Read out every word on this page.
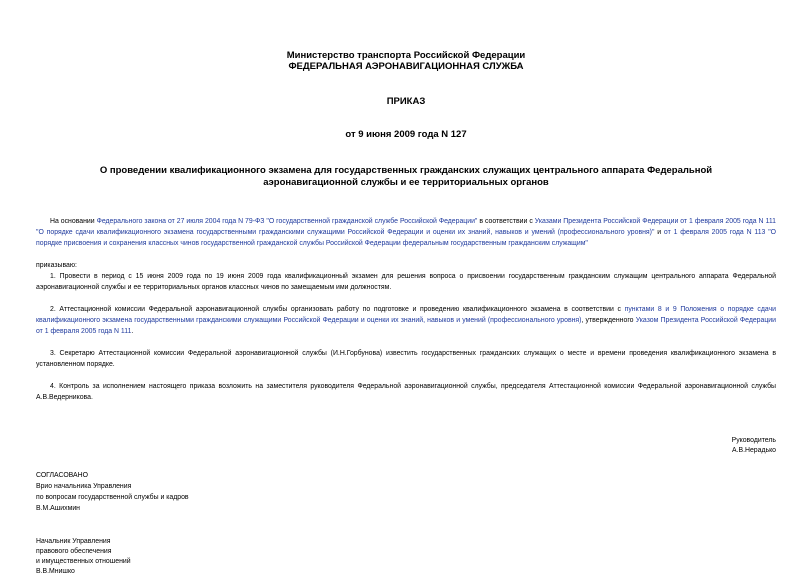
Министерство транспорта Российской Федерации
ФЕДЕРАЛЬНАЯ АЭРОНАВИГАЦИОННАЯ СЛУЖБА
ПРИКАЗ
от 9 июня 2009 года N 127
О проведении квалификационного экзамена для государственных гражданских служащих центрального аппарата Федеральной аэронавигационной службы и ее территориальных органов

На основании Федерального закона от 27 июля 2004 года N 79-ФЗ "О государственной гражданской службе Российской Федерации" в соответствии с Указами Президента Российской Федерации от 1 февраля 2005 года N 111 "О порядке сдачи квалификационного экзамена государственными гражданскими служащими Российской Федерации и оценки их знаний, навыков и умений (профессионального уровня)" и от 1 февраля 2005 года N 113 "О порядке присвоения и сохранения классных чинов государственной гражданской службы Российской Федерации федеральным государственным гражданским служащим"

приказываю:

1. Провести в период с 15 июня 2009 года по 19 июня 2009 года квалификационный экзамен для решения вопроса о присвоении государственным гражданским служащим центрального аппарата Федеральной аэронавигационной службы и ее территориальных органов классных чинов по замещаемым ими должностям.

2. Аттестационной комиссии Федеральной аэронавигационной службы организовать работу по подготовке и проведению квалификационного экзамена в соответствии с пунктами 8 и 9 Положения о порядке сдачи квалификационного экзамена государственными гражданскими служащими Российской Федерации и оценки их знаний, навыков и умений (профессионального уровня), утвержденного Указом Президента Российской Федерации от 1 февраля 2005 года N 111.

3. Секретарю Аттестационной комиссии Федеральной аэронавигационной службы (И.Н.Горбунова) известить государственных гражданских служащих о месте и времени проведения квалификационного экзамена в установленном порядке.

4. Контроль за исполнением настоящего приказа возложить на заместителя руководителя Федеральной аэронавигационной службы, председателя Аттестационной комиссии Федеральной аэронавигационной службы А.В.Ведерникова.

Руководитель
А.В.Нерадько
СОГЛАСОВАНО
Врио начальника Управления
по вопросам государственной службы и кадров
В.М.Ашихмин
Начальник Управления
правового обеспечения
и имущественных отношений
В.В.Мнишко
